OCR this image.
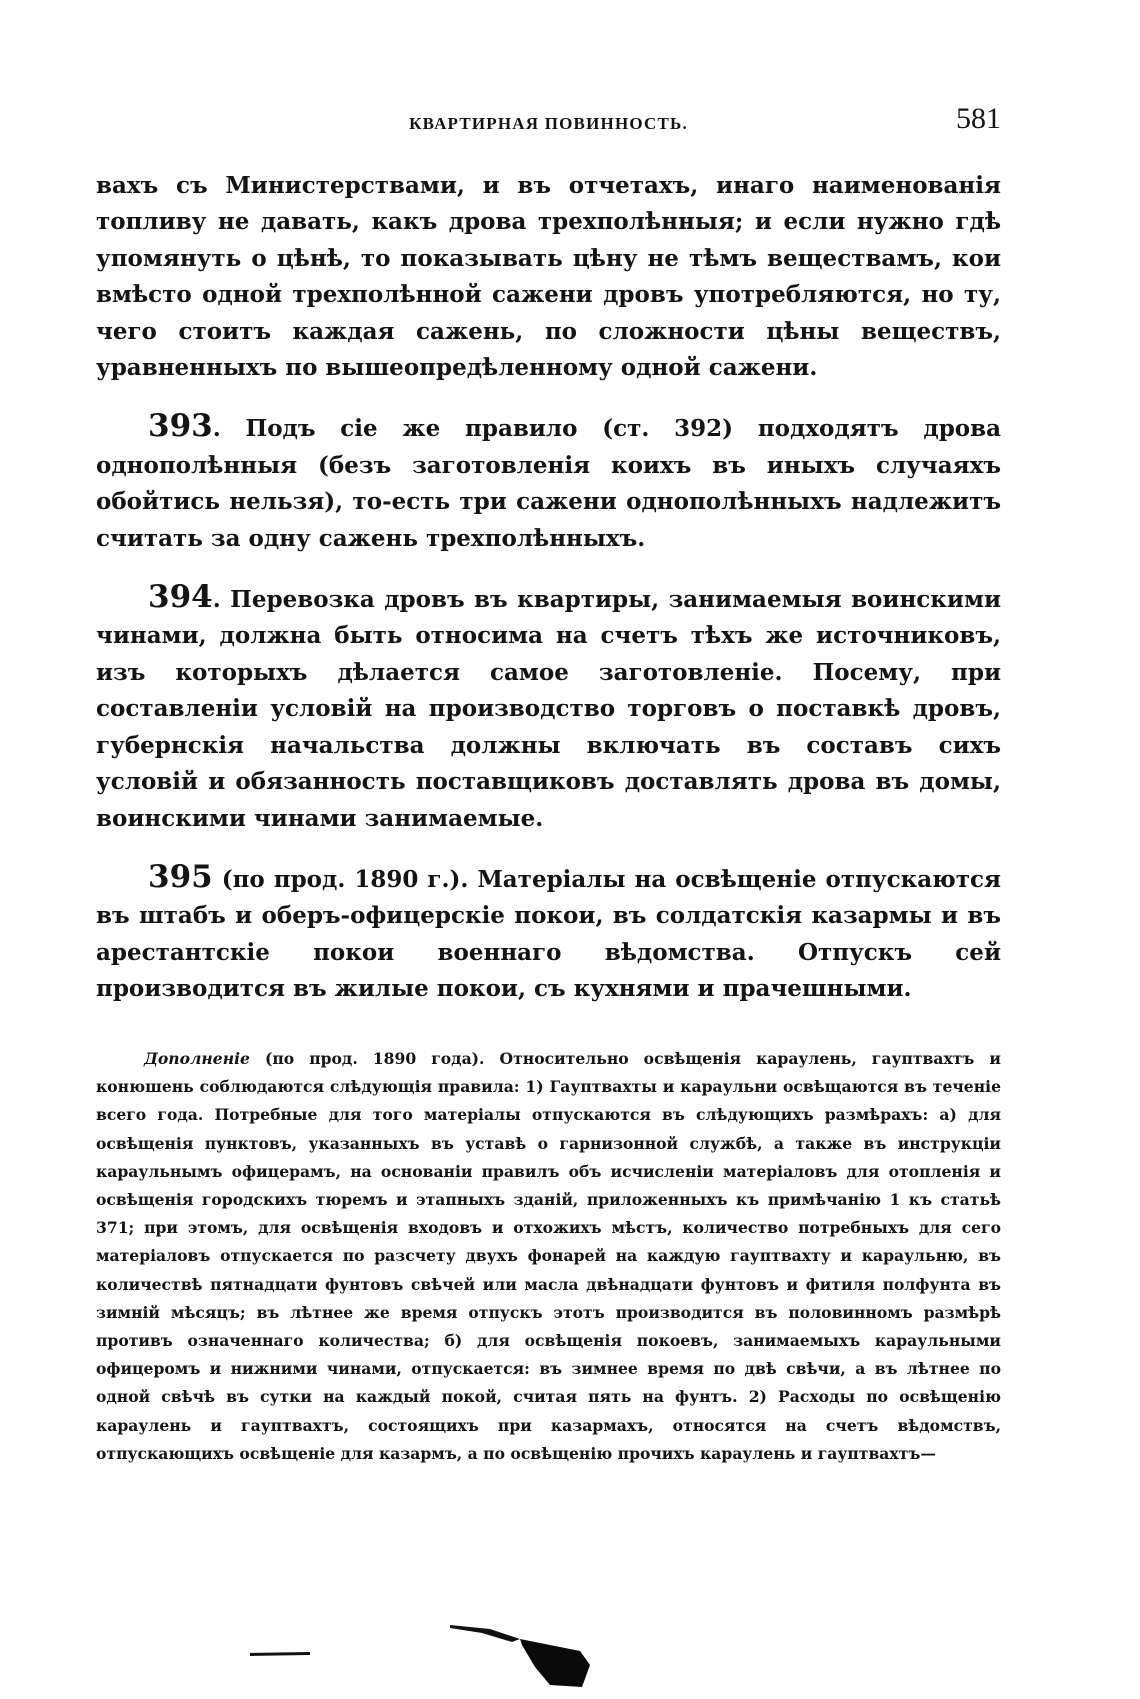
КВАРТИРНАЯ ПОВИННОСТЬ.	581

вахъ съ Министерствами, и въ отчетахъ, инаго наименованія топливу не давать, какъ дрова трехполѣнныя; и если нужно гдѣ упомянуть о цѣнѣ, то показывать цѣну не тѣмъ веществамъ, кои вмѣсто одной трехполѣнной сажени дровъ употребляются, но ту, чего стоитъ каждая сажень, по сложности цѣны веществъ, уравненныхъ по вышеопредѣленному одной сажени.

393. Подъ сіе же правило (ст. 392) подходятъ дрова однополѣнныя (безъ заготовленія коихъ въ иныхъ случаяхъ обойтись нельзя), то-есть три сажени однополѣнныхъ надлежитъ считать за одну сажень трехполѣнныхъ.

394. Перевозка дровъ въ квартиры, занимаемыя воинскими чинами, должна быть относима на счетъ тѣхъ же источниковъ, изъ которыхъ дѣлается самое заготовленіе. Посему, при составленіи условій на производство торговъ о поставкѣ дровъ, губернскія начальства должны включать въ составъ сихъ условій и обязанность поставщиковъ доставлять дрова въ домы, воинскими чинами занимаемые.

395 (по прод. 1890 г.). Матеріалы на освѣщеніе отпускаются въ штабъ и оберъ-офицерскіе покои, въ солдатскія казармы и въ арестантскіе покои военнаго вѣдомства. Отпускъ сей производится въ жилые покои, съ кухнями и прачешными.

Дополненіе (по прод. 1890 года). Относительно освѣщенія караулень, гауптвахтъ и конюшень соблюдаются слѣдующія правила: 1) Гауптвахты и караульни освѣщаются въ теченіе всего года. Потребные для того матеріалы отпускаются въ слѣдующихъ размѣрахъ: а) для освѣщенія пунктовъ, указанныхъ въ уставѣ о гарнизонной службѣ, а также въ инструкціи караульнымъ офицерамъ, на основаніи правилъ объ исчисленіи матеріаловъ для отопленія и освѣщенія городскихъ тюремъ и этапныхъ зданій, приложенныхъ къ примѣчанію 1 къ статьѣ 371; при этомъ, для освѣщенія входовъ и отхожихъ мѣстъ, количество потребныхъ для сего матеріаловъ отпускается по разсчету двухъ фонарей на каждую гауптвахту и караульню, въ количествѣ пятнадцати фунтовъ свѣчей или масла двѣнадцати фунтовъ и фитиля полфунта въ зимній мѣсяцъ; въ лѣтнее же время отпускъ этотъ производится въ половинномъ размѣрѣ противъ означеннаго количества; б) для освѣщенія покоевъ, занимаемыхъ караульными офицеромъ и нижними чинами, отпускается: въ зимнее время по двѣ свѣчи, а въ лѣтнее по одной свѣчѣ въ сутки на каждый покой, считая пять на фунтъ. 2) Расходы по освѣщенію караулень и гауптвахтъ, состоящихъ при казармахъ, относятся на счетъ вѣдомствъ, отпускающихъ освѣщеніе для казармъ, а по освѣщенію прочихъ караулень и гауптвахтъ—
